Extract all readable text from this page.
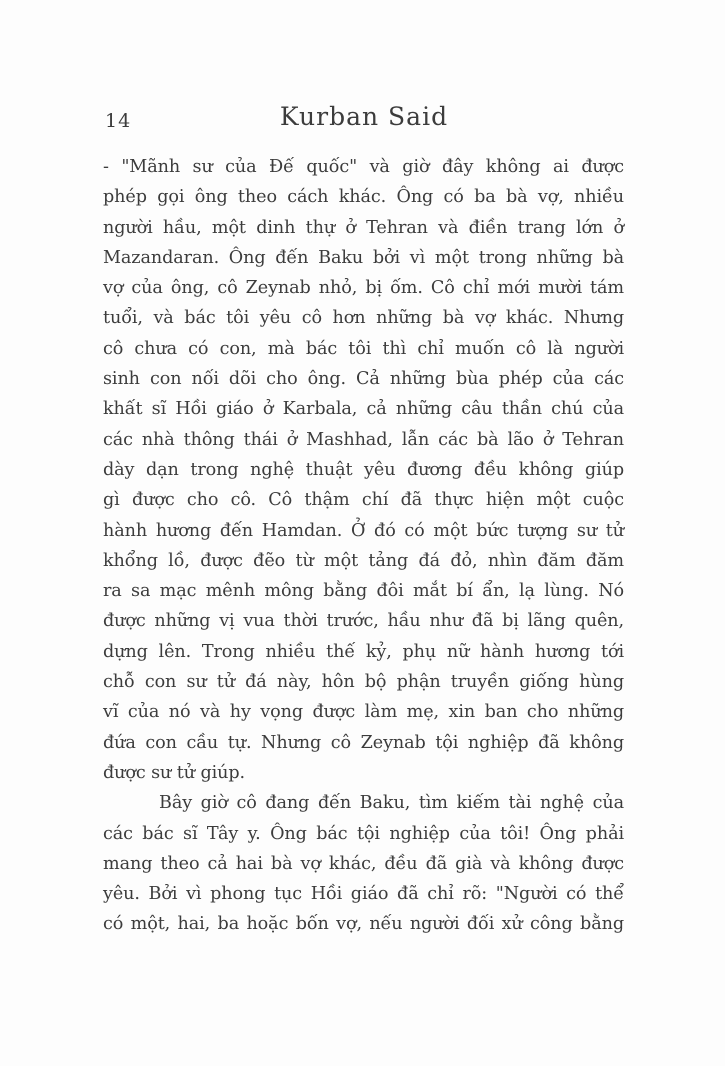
14	Kurban Said
- "Mãnh sư của Đế quốc" và giờ đây không ai được
phép gọi ông theo cách khác. Ông có ba bà vợ, nhiều
người hầu, một dinh thự ở Tehran và điền trang lớn ở
Mazandaran. Ông đến Baku bởi vì một trong những bà
vợ của ông, cô Zeynab nhỏ, bị ốm. Cô chỉ mới mười tám
tuổi, và bác tôi yêu cô hơn những bà vợ khác. Nhưng
cô chưa có con, mà bác tôi thì chỉ muốn cô là người
sinh con nối dõi cho ông. Cả những bùa phép của các
khất sĩ Hồi giáo ở Karbala, cả những câu thần chú của
các nhà thông thái ở Mashhad, lẫn các bà lão ở Tehran
dày dạn trong nghệ thuật yêu đương đều không giúp
gì được cho cô. Cô thậm chí đã thực hiện một cuộc
hành hương đến Hamdan. Ở đó có một bức tượng sư tử
khổng lồ, được đẽo từ một tảng đá đỏ, nhìn đăm đăm
ra sa mạc mênh mông bằng đôi mắt bí ẩn, lạ lùng. Nó
được những vị vua thời trước, hầu như đã bị lãng quên,
dựng lên. Trong nhiều thế kỷ, phụ nữ hành hương tới
chỗ con sư tử đá này, hôn bộ phận truyền giống hùng
vĩ của nó và hy vọng được làm mẹ, xin ban cho những
đứa con cầu tự. Nhưng cô Zeynab tội nghiệp đã không
được sư tử giúp.
Bây giờ cô đang đến Baku, tìm kiếm tài nghệ của
các bác sĩ Tây y. Ông bác tội nghiệp của tôi! Ông phải
mang theo cả hai bà vợ khác, đều đã già và không được
yêu. Bởi vì phong tục Hồi giáo đã chỉ rõ: "Người có thể
có một, hai, ba hoặc bốn vợ, nếu người đối xử công bằng
